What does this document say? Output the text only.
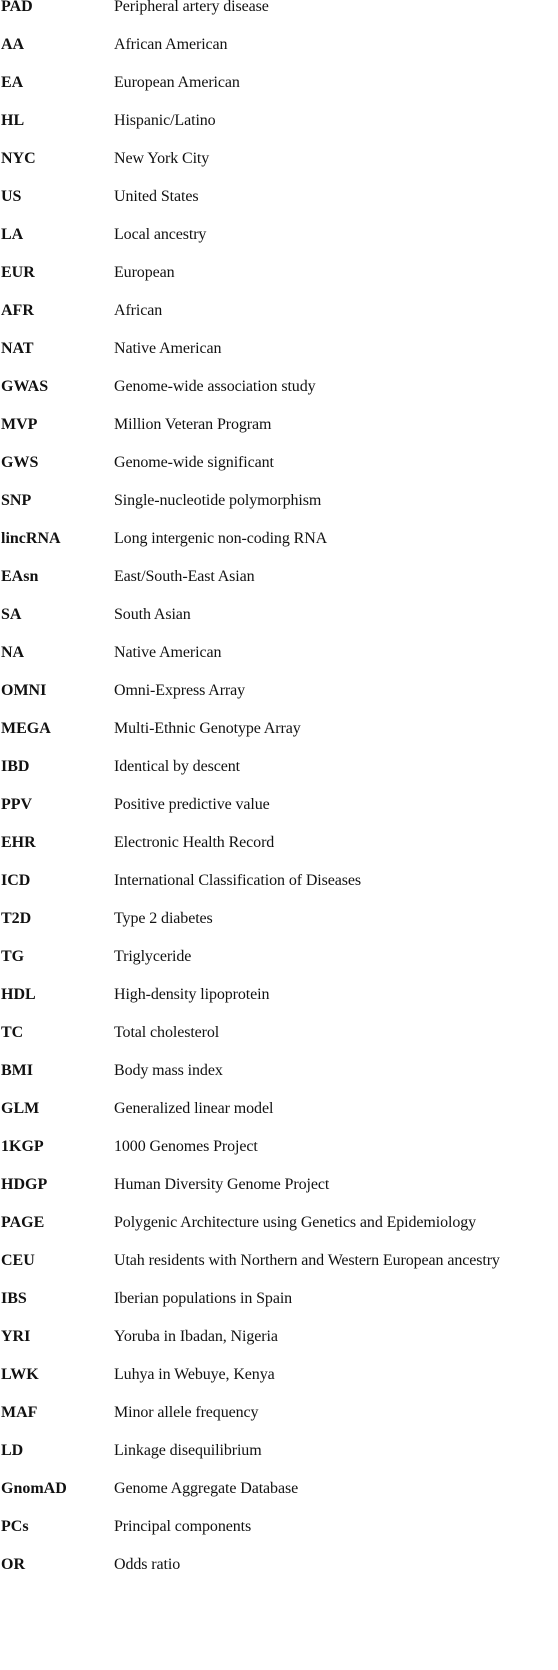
PAD	Peripheral artery disease
AA	African American
EA	European American
HL	Hispanic/Latino
NYC	New York City
US	United States
LA	Local ancestry
EUR	European
AFR	African
NAT	Native American
GWAS	Genome-wide association study
MVP	Million Veteran Program
GWS	Genome-wide significant
SNP	Single-nucleotide polymorphism
lincRNA	Long intergenic non-coding RNA
EAsn	East/South-East Asian
SA	South Asian
NA	Native American
OMNI	Omni-Express Array
MEGA	Multi-Ethnic Genotype Array
IBD	Identical by descent
PPV	Positive predictive value
EHR	Electronic Health Record
ICD	International Classification of Diseases
T2D	Type 2 diabetes
TG	Triglyceride
HDL	High-density lipoprotein
TC	Total cholesterol
BMI	Body mass index
GLM	Generalized linear model
1KGP	1000 Genomes Project
HDGP	Human Diversity Genome Project
PAGE	Polygenic Architecture using Genetics and Epidemiology
CEU	Utah residents with Northern and Western European ancestry
IBS	Iberian populations in Spain
YRI	Yoruba in Ibadan, Nigeria
LWK	Luhya in Webuye, Kenya
MAF	Minor allele frequency
LD	Linkage disequilibrium
GnomAD	Genome Aggregate Database
PCs	Principal components
OR	Odds ratio
